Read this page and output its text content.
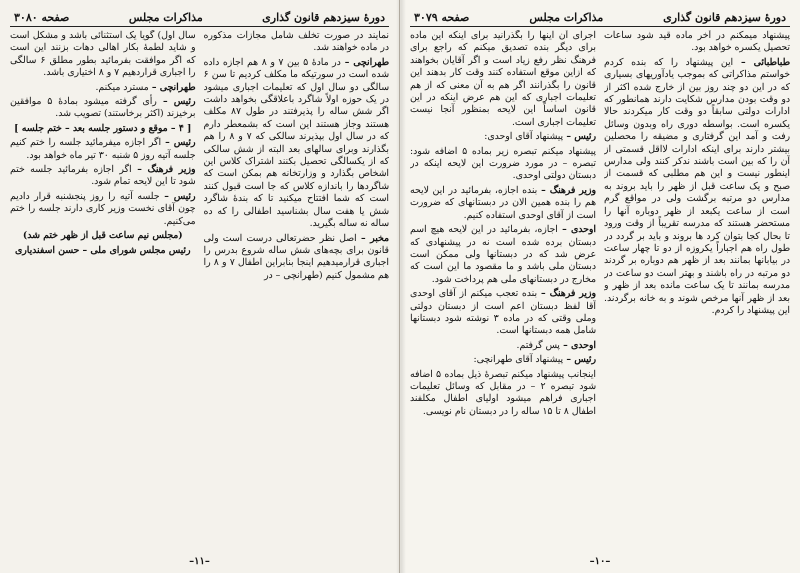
دورهٔ سیزدهم قانون گذاری
مذاکرات مجلس
صفحه ۳۰۸۰

نمایند در صورت تخلف شامل مجازات مذکوره در ماده خواهند شد.

طهرانچی – در مادهٔ ۵ بین ۷ و ۸ هم اجازه داده شده است در سورتیکه ما مکلف کردیم تا سن ۶ سالگی دو سال اول که تعلیمات اجباری میشود در یک حوزه اولاً شاگرد باعلاقگی بخواهد داشت اگر شش ساله را پذیرفتند در طول ۸۷ مکلف هستند وجاز هستند این است که بشمعطر دارم که در سال اول بپذیرند سالکی که ۷ و ۸ را هم بگذارند وبرای سالهای بعد البته از شش سالکی که از یکسالگی تحصیل بکنند اشتراک کلاس این اشخاص بگذارد و وزارتخانه هم بمکن است که شاگردها را باندازه کلاس که جا است قبول کنند است که شما افتتاح میکنید تا که بندهٔ شاگرد شش یا هفت سال بشناسید اطفالی را که ده ساله نه ساله بگیرید.

مخبر – اصل نظر حضرتعالی درست است ولی قانون برای بچه‌های شش ساله شروع بدرس را اجباری قرارمیدهیم اینجا بنابراین اطفال ۷ و ۸ را هم مشمول کنیم (طهرانچی – در

سال اول) گویا یک استثنائی باشد و مشکل است و شاید لطمهٔ بکار اهالی دهات بزنند این است که اگر موافقت بفرمائید بطور مطلق ۶ سالگی را اجباری قراردهیم ۷ و ۸ اختیاری باشد.

طهرانچی – مسترد میکنم.

رئیس – رأی گرفته میشود بمادهٔ ۵ موافقین برخیزند (اکثر برخاستند) تصویب شد.

[ ۴ – موقع و دستور جلسه بعد – ختم جلسه ]

رئیس – اگر اجازه میفرمائید جلسه را ختم کنیم جلسه آتیه روز ۵ شنبه ۳۰ تیر ماه خواهد بود.

وزیر فرهنگ – اگر اجازه بفرمائید جلسه ختم شود تا این لایحه تمام شود.

رئیس – جلسه آتیه را روز پنجشنبه قرار دادیم چون آقای نخست وزیر کاری دارند جلسه را ختم می‌کنیم.

(مجلس نیم ساعت قبل از ظهر ختم شد)

رئیس مجلس شورای ملی – حسن اسفندیاری

–۱۱–
دورهٔ سیزدهم قانون گذاری
مذاکرات مجلس
صفحه ۳۰۷۹

پیشنهاد میمکنم در آخر ماده قید شود ساعات تحصیل یکسره خواهد بود.

طباطبائی – این پیشنهاد را که بنده کردم خواستم مذاکراتی که بموجب یادآوریهای بسیاری که در این دو چند روز بین از خارج شده اکثر از دو وقت بودن مدارس شکایت دارند همانطور که ادارات دولتی سابقاً دو وقت کار میکردند حالا یکسره است. بواسطه دوری راه وبدون وسائل رفت و آمد این گرفتاری و مضیقه را محصلین بیشتر دارند برای اینکه ادارات لااقل قسمتی از آن را که بین است باشند ندکر کنند ولی مدارس اینطور نیست و این هم مطلبی که قسمت از صبح و یک ساعت قبل از ظهر را باید بروند به مدارس دو مرتبه برگشت ولی در مواقع گرم است از ساعت یکبعد از ظهر دوباره آنها را مستحضر هستند که مدرسه تقریباً از وقت ورود تا بحال کجا بتوان کرد ها بروند و باید بر گردد در طول راه هم اجباراً یکروزه از دو تا چهار ساعت در بیابانها بمانند بعد از ظهر هم دوباره بر گردند دو مرتبه در راه باشند و بهتر است دو ساعت در مدرسه بمانند تا یک ساعت مانده بعد از ظهر و بعد از ظهر آنها مرخص شوند و به خانه برگردند. این پیشنهاد را کردم.

اجرای آن اینها را بگذرانید برای اینکه این ماده برای دیگر بنده تصدیق میکنم که راجع برای فرهنگ نظر رفع زیاد است و اگر آقایان بخواهند که ازاین موقع استفاده کنند وقت کار بدهند این قانون را بگذرانند اگر هم به آن معنی که از هم تعلیمات اجباری که این هم عرض اینکه در این قانون اساساً این لایحه بمنظور آنجا نیست تعلیمات اجباری است.

رئیس – پیشنهاد آقای اوحدی:

پیشنهاد میکنم تبصره زیر بماده ۵ اضافه شود: تبصره – در مورد ضرورت این لایحه اینکه در دبستان دولتی اوحدی.

وزیر فرهنگ – بنده اجازه، بفرمائید در این لایحه هم را بنده همین الان در دبستانهای که ضرورت است از آقای اوحدی استفاده کنیم.

اوحدی – اجازه، بفرمائید در این لایحه هیچ اسم دبستان برده شده است نه در پیشنهادی که عرض شد که در دبستانها ولی ممکن است دبستان ملی باشد و ما مقصود ما این است که مخارج در دبستانهای ملی هم پرداخت شود.

وزیر فرهنگ – بنده تعجب میکنم از آقای اوحدی آقا لفظ دبستان اعم است از دبستان دولتی وملی وقتی که در ماده ۳ نوشته شود دبستانها شامل همه دبستانها است.

اوحدی – پس گرفتم.

رئیس – پیشنهاد آقای طهرانچی:

اینجانب پیشنهاد میکنم تبصرهٔ ذیل بماده ۵ اضافه شود تبصره ۲ – در مقابل که وسائل تعلیمات اجباری فراهم میشود اولیای اطفال مکلفند اطفال ۸ تا ۱۵ ساله را در دبستان نام نویسی.

–۱۰–
